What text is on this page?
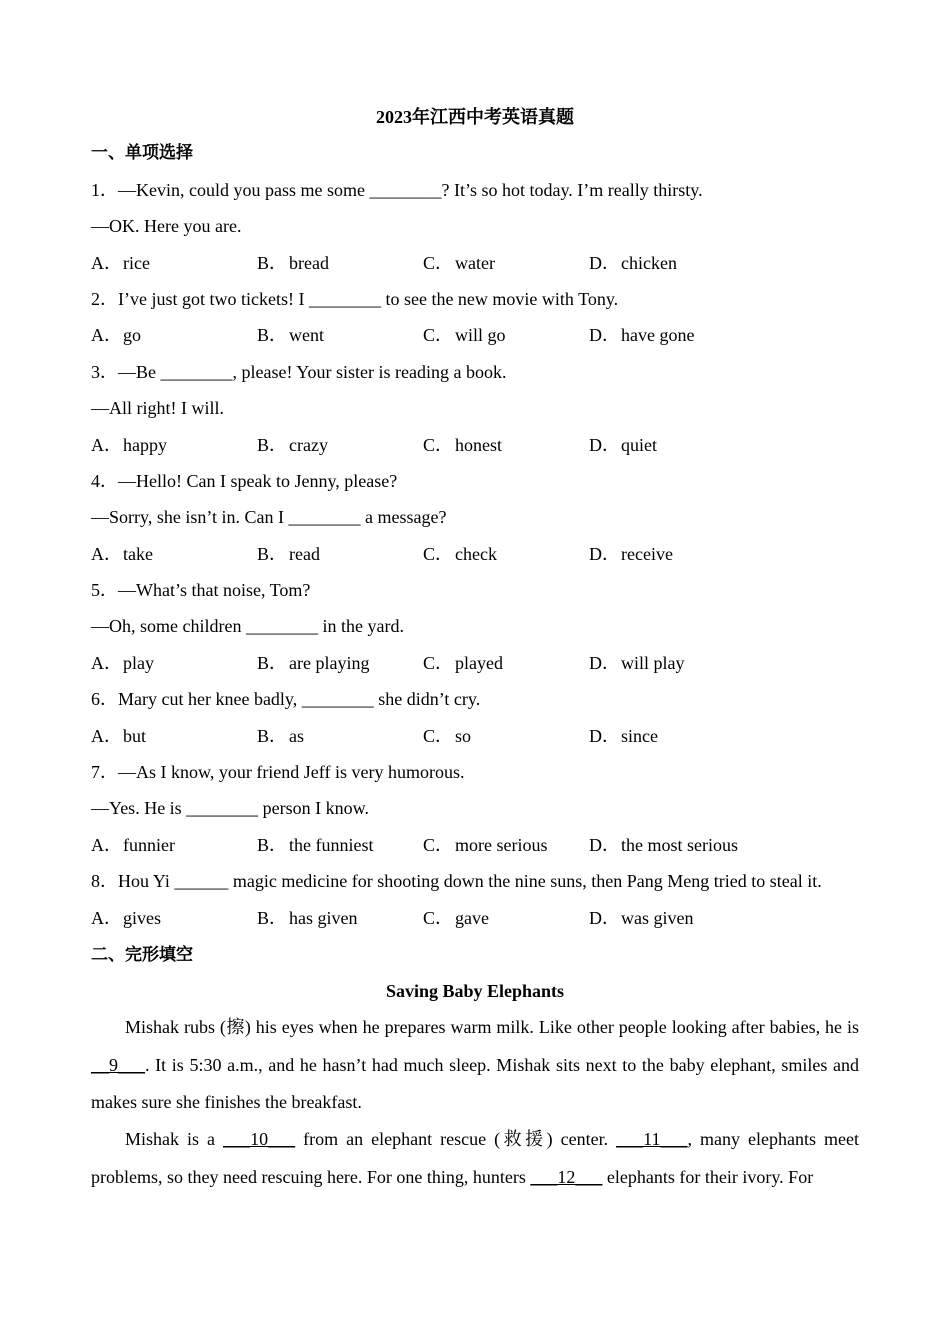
2023年江西中考英语真题
一、单项选择
1．—Kevin, could you pass me some ________? It’s so hot today. I’m really thirsty.
—OK. Here you are.
A．rice	B． bread	C． water	D．chicken
2．I’ve just got two tickets! I ________ to see the new movie with Tony.
A．go	B． went	C． will go	D．have gone
3．—Be ________, please! Your sister is reading a book.
—All right! I will.
A．happy	B． crazy	C． honest	D．quiet
4．—Hello! Can I speak to Jenny, please?
—Sorry, she isn’t in. Can I ________ a message?
A．take	B． read	C． check	D．receive
5．—What’s that noise, Tom?
—Oh, some children ________ in the yard.
A．play	B． are playing	C． played	D．will play
6．Mary cut her knee badly, ________ she didn’t cry.
A．but	B． as	C． so	D．since
7．—As I know, your friend Jeff is very humorous.
—Yes. He is ________ person I know.
A．funnier	B． the funniest	C． more serious	D．the most serious
8．Hou Yi ______ magic medicine for shooting down the nine suns, then Pang Meng tried to steal it.
A．gives	B． has given	C． gave	D．was given
二、完形填空
Saving Baby Elephants
Mishak rubs (擦) his eyes when he prepares warm milk. Like other people looking after babies, he is __9___. It is 5:30 a.m., and he hasn’t had much sleep. Mishak sits next to the baby elephant, smiles and makes sure she finishes the breakfast.
Mishak is a ___10___ from an elephant rescue (救援) center. ___11___, many elephants meet problems, so they need rescuing here. For one thing, hunters ___12___ elephants for their ivory. For
